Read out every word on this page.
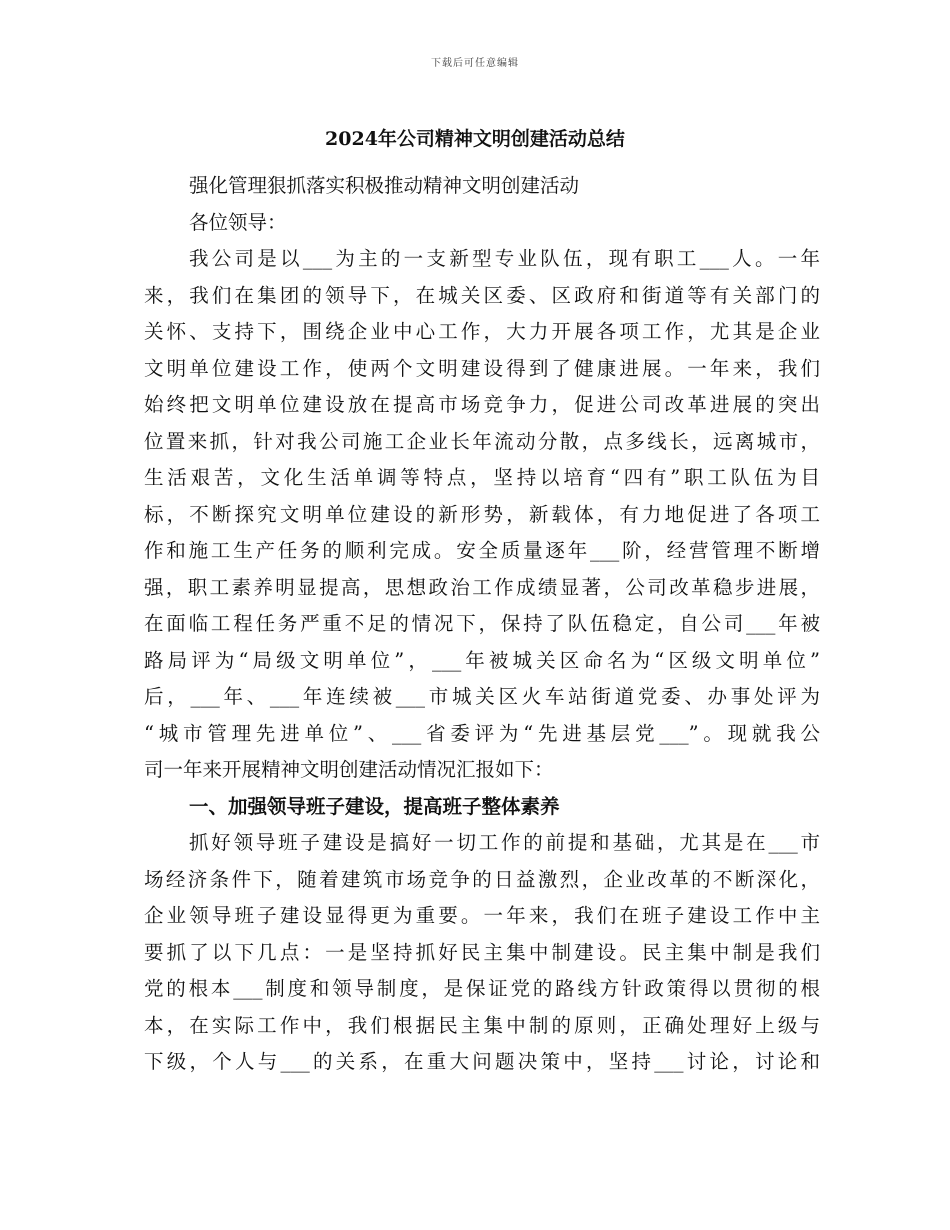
下载后可任意编辑
2024年公司精神文明创建活动总结
强化管理狠抓落实积极推动精神文明创建活动
各位领导：
我公司是以___为主的一支新型专业队伍，现有职工___人。一年
来，我们在集团的领导下，在城关区委、区政府和街道等有关部门的
关怀、支持下，围绕企业中心工作，大力开展各项工作，尤其是企业
文明单位建设工作，使两个文明建设得到了健康进展。一年来，我们
始终把文明单位建设放在提高市场竞争力，促进公司改革进展的突出
位置来抓，针对我公司施工企业长年流动分散，点多线长，远离城市，
生活艰苦，文化生活单调等特点，坚持以培育“四有”职工队伍为目
标，不断探究文明单位建设的新形势，新载体，有力地促进了各项工
作和施工生产任务的顺利完成。安全质量逐年___阶，经营管理不断增
强，职工素养明显提高，思想政治工作成绩显著，公司改革稳步进展，
在面临工程任务严重不足的情况下，保持了队伍稳定，自公司___年被
路局评为“局级文明单位”，___年被城关区命名为“区级文明单位”
后，___年、___年连续被___市城关区火车站街道党委、办事处评为
“城市管理先进单位”、___省委评为“先进基层党___”。现就我公
司一年来开展精神文明创建活动情况汇报如下：
一、加强领导班子建设，提高班子整体素养
抓好领导班子建设是搞好一切工作的前提和基础，尤其是在___市
场经济条件下，随着建筑市场竞争的日益激烈，企业改革的不断深化，
企业领导班子建设显得更为重要。一年来，我们在班子建设工作中主
要抓了以下几点：一是坚持抓好民主集中制建设。民主集中制是我们
党的根本___制度和领导制度，是保证党的路线方针政策得以贯彻的根
本，在实际工作中，我们根据民主集中制的原则，正确处理好上级与
下级，个人与___的关系，在重大问题决策中，坚持___讨论，讨论和
